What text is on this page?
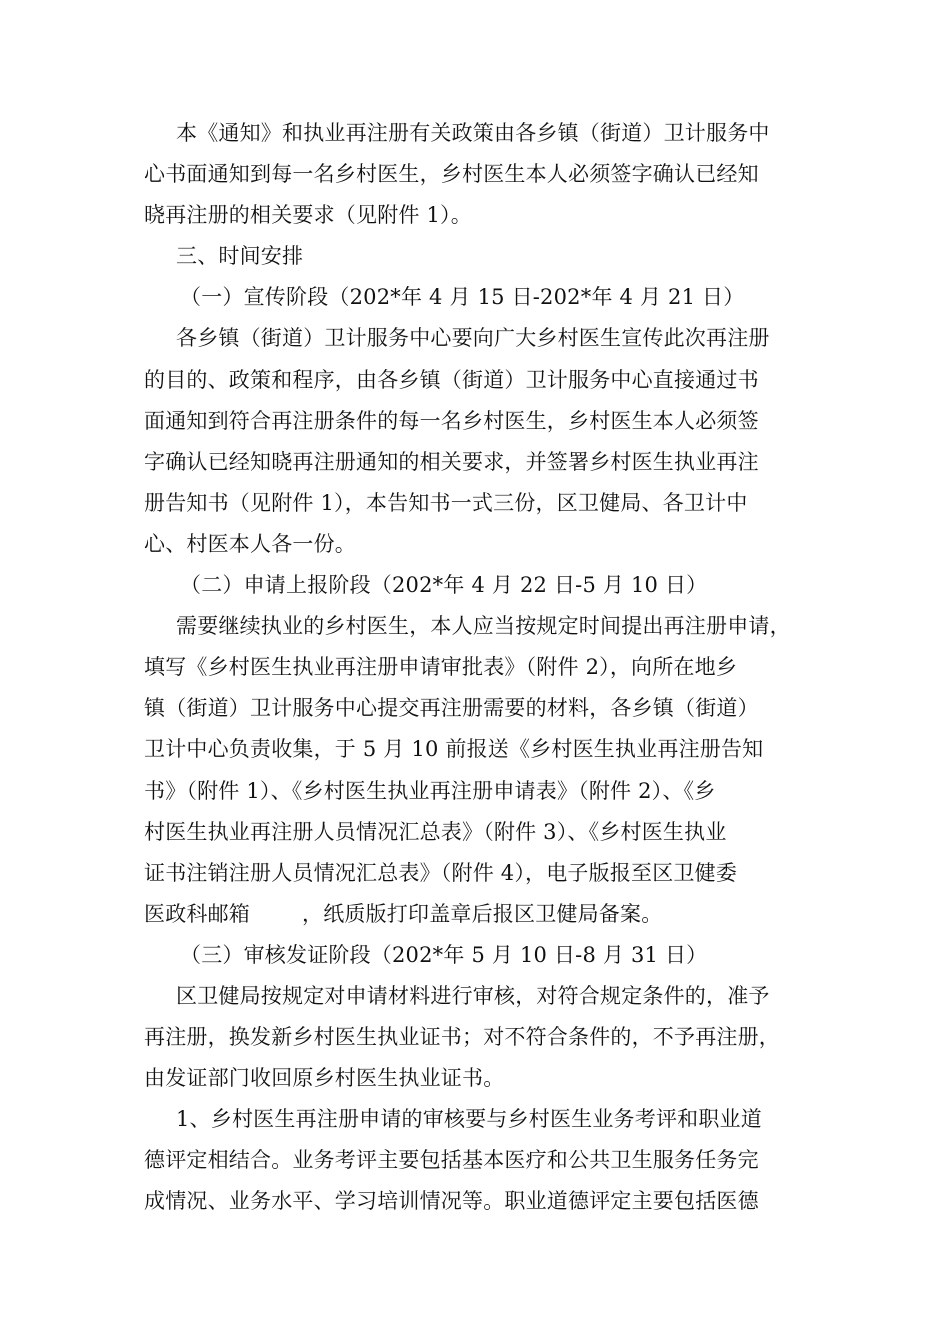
本《通知》和执业再注册有关政策由各乡镇（街道）卫计服务中
心书面通知到每一名乡村医生，乡村医生本人必须签字确认已经知
晓再注册的相关要求（见附件 1）。
三、时间安排
（一）宣传阶段（202*年 4 月 15 日-202*年 4 月 21 日）
各乡镇（街道）卫计服务中心要向广大乡村医生宣传此次再注册
的目的、政策和程序，由各乡镇（街道）卫计服务中心直接通过书
面通知到符合再注册条件的每一名乡村医生，乡村医生本人必须签
字确认已经知晓再注册通知的相关要求，并签署乡村医生执业再注
册告知书（见附件 1），本告知书一式三份，区卫健局、各卫计中
心、村医本人各一份。
（二）申请上报阶段（202*年 4 月 22 日-5 月 10 日）
需要继续执业的乡村医生，本人应当按规定时间提出再注册申请，
填写《乡村医生执业再注册申请审批表》（附件 2），向所在地乡
镇（街道）卫计服务中心提交再注册需要的材料，各乡镇（街道）
卫计中心负责收集，于 5 月 10 前报送《乡村医生执业再注册告知
书》（附件 1）、《乡村医生执业再注册申请表》（附件 2）、《乡
村医生执业再注册人员情况汇总表》（附件 3）、《乡村医生执业
证书注销注册人员情况汇总表》（附件 4），电子版报至区卫健委
医政科邮箱 ，纸质版打印盖章后报区卫健局备案。
（三）审核发证阶段（202*年 5 月 10 日-8 月 31 日）
区卫健局按规定对申请材料进行审核，对符合规定条件的，准予
再注册，换发新乡村医生执业证书；对不符合条件的，不予再注册，
由发证部门收回原乡村医生执业证书。
1、乡村医生再注册申请的审核要与乡村医生业务考评和职业道
德评定相结合。业务考评主要包括基本医疗和公共卫生服务任务完
成情况、业务水平、学习培训情况等。职业道德评定主要包括医德
